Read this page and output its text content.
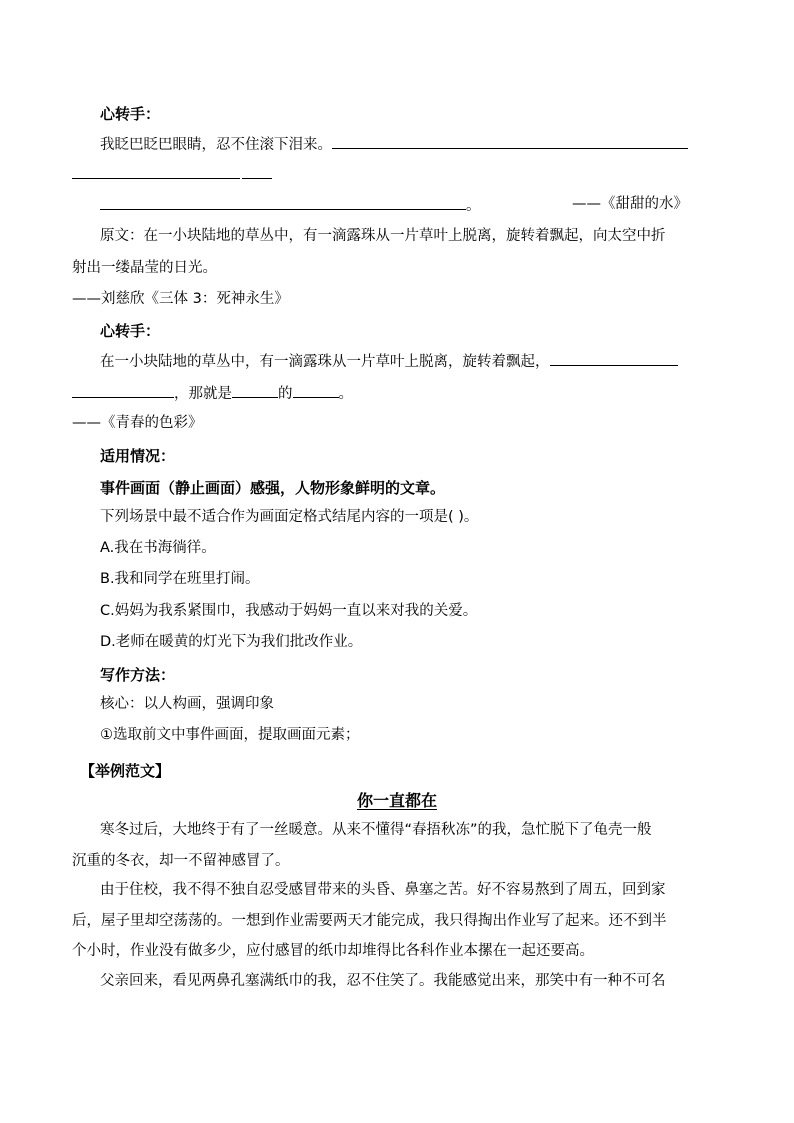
心转手：
我眨巴眨巴眼睛，忍不住滚下泪来。
。	——《甜甜的水》
原文：在一小块陆地的草丛中，有一滴露珠从一片草叶上脱离，旋转着飘起，向太空中折
射出一缕晶莹的日光。
——刘慈欣《三体 3：死神永生》
心转手：
在一小块陆地的草丛中，有一滴露珠从一片草叶上脱离，旋转着飘起，
，那就是	的	。
——《青春的色彩》
适用情况：
事件画面（静止画面）感强，人物形象鲜明的文章。
下列场景中最不适合作为画面定格式结尾内容的一项是( )。
A.我在书海徜徉。
B.我和同学在班里打闹。
C.妈妈为我系紧围巾，我感动于妈妈一直以来对我的关爱。
D.老师在暖黄的灯光下为我们批改作业。
写作方法：
核心：以人构画，强调印象
①选取前文中事件画面，提取画面元素；
【举例范文】
你一直都在
寒冬过后，大地终于有了一丝暖意。从来不懂得“春捂秋冻”的我，急忙脱下了龟壳一般
沉重的冬衣，却一不留神感冒了。
由于住校，我不得不独自忍受感冒带来的头昏、鼻塞之苦。好不容易熬到了周五，回到家
后，屋子里却空荡荡的。一想到作业需要两天才能完成，我只得掏出作业写了起来。还不到半
个小时，作业没有做多少，应付感冒的纸巾却堆得比各科作业本摞在一起还要高。
父亲回来，看见两鼻孔塞满纸巾的我，忍不住笑了。我能感觉出来，那笑中有一种不可名
